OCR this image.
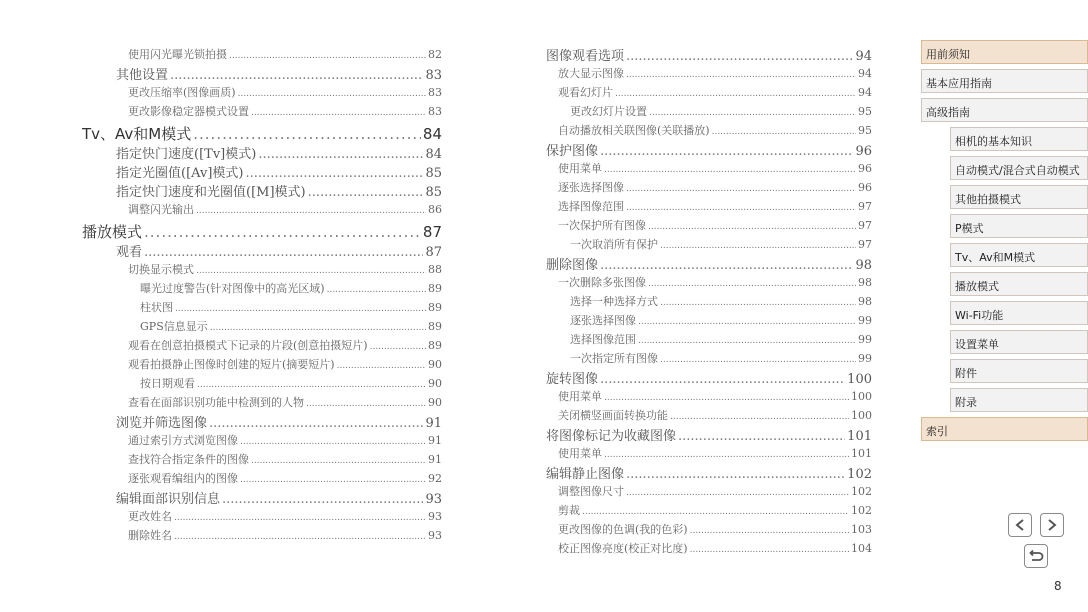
使用闪光曝光锁拍摄 .....	82
其他设置 .....	83
更改压缩率(图像画质) .....	83
更改影像稳定器模式设置 .....	83
Tv、Av和M模式 .....	84
指定快门速度([Tv]模式) .....	84
指定光圈值([Av]模式) .....	85
指定快门速度和光圈值([M]模式) .....	85
调整闪光输出 .....	86
播放模式 .....	87
观看 .....	87
切换显示模式 .....	88
曝光过度警告(针对图像中的高光区域) .....	89
柱状图 .....	89
GPS信息显示 .....	89
观看在创意拍摄模式下记录的片段(创意拍摄短片) .....	89
观看拍摄静止图像时创建的短片(摘要短片) .....	90
按日期观看 .....	90
查看在面部识别功能中检测到的人物 .....	90
浏览并筛选图像 .....	91
通过索引方式浏览图像 .....	91
查找符合指定条件的图像 .....	91
逐张观看编组内的图像 .....	92
编辑面部识别信息 .....	93
更改姓名 .....	93
删除姓名 .....	93
图像观看选项 .....	94
放大显示图像 .....	94
观看幻灯片 .....	94
更改幻灯片设置 .....	95
自动播放相关联图像(关联播放) .....	95
保护图像 .....	96
使用菜单 .....	96
逐张选择图像 .....	96
选择图像范围 .....	97
一次保护所有图像 .....	97
一次取消所有保护 .....	97
删除图像 .....	98
一次删除多张图像 .....	98
选择一种选择方式 .....	98
逐张选择图像 .....	99
选择图像范围 .....	99
一次指定所有图像 .....	99
旋转图像 .....	100
使用菜单 .....	100
关闭横竖画面转换功能 .....	100
将图像标记为收藏图像 .....	101
使用菜单 .....	101
编辑静止图像 .....	102
调整图像尺寸 .....	102
剪裁 .....	102
更改图像的色调(我的色彩) .....	103
校正图像亮度(校正对比度) .....	104
用前须知
基本应用指南
高级指南
相机的基本知识
自动模式/混合式自动模式
其他拍摄模式
P模式
Tv、Av和M模式
播放模式
Wi-Fi功能
设置菜单
附件
附录
索引
8
